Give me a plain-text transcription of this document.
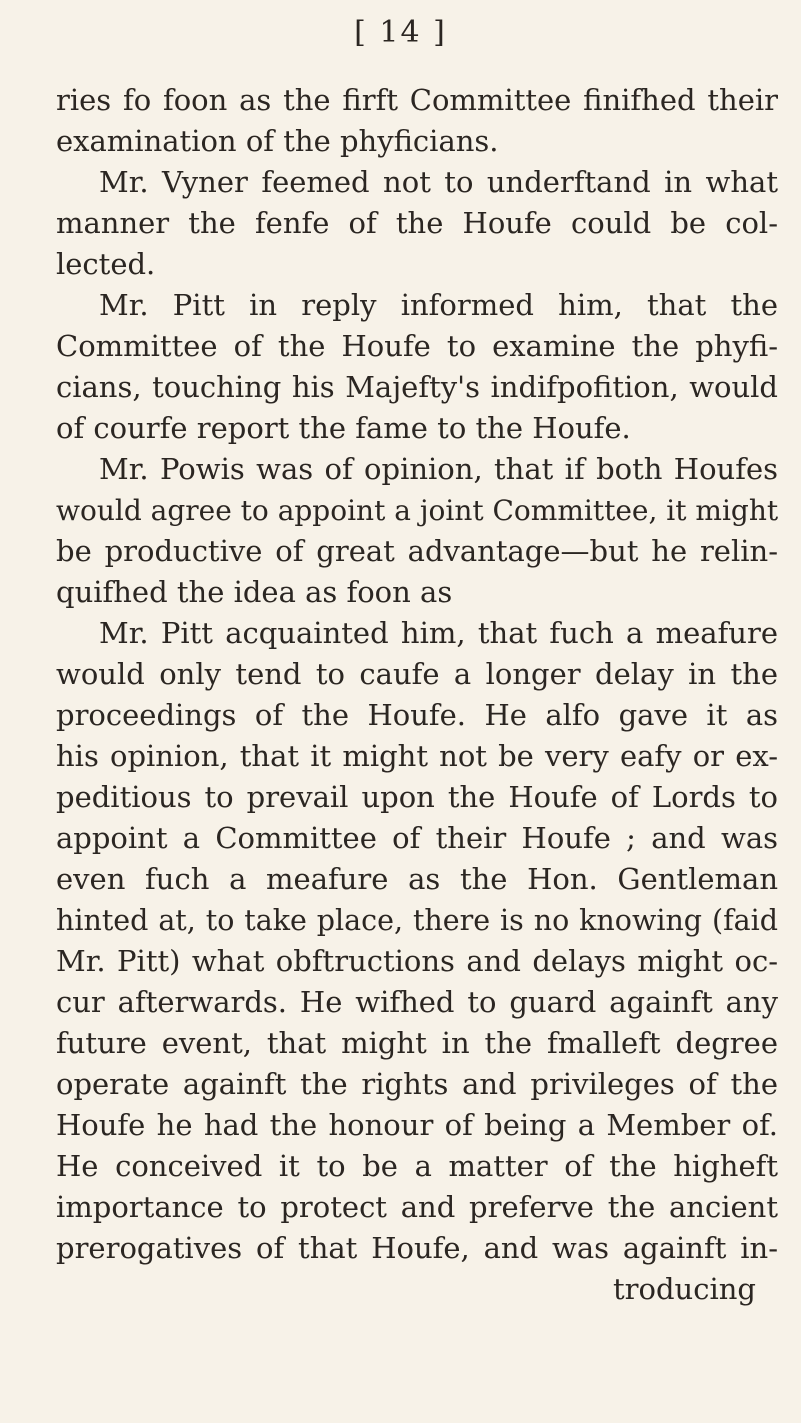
[ 14 ]
ries fo foon as the firft Committee finifhed their
examination of the phyficians.
Mr. Vyner feemed not to underftand in what
manner the fenfe of the Houfe could be col-
lected.
Mr. Pitt in reply informed him, that the
Committee of the Houfe to examine the phyfi-
cians, touching his Majefty's indifpofition, would
of courfe report the fame to the Houfe.
Mr. Powis was of opinion, that if both Houfes
would agree to appoint a joint Committee, it might
be productive of great advantage—but he relin-
quifhed the idea as foon as
Mr. Pitt acquainted him, that fuch a meafure
would only tend to caufe a longer delay in the
proceedings of the Houfe. He alfo gave it as
his opinion, that it might not be very eafy or ex-
peditious to prevail upon the Houfe of Lords to
appoint a Committee of their Houfe ; and was
even fuch a meafure as the Hon. Gentleman
hinted at, to take place, there is no knowing (faid
Mr. Pitt) what obftructions and delays might oc-
cur afterwards. He wifhed to guard againft any
future event, that might in the fmalleft degree
operate againft the rights and privileges of the
Houfe he had the honour of being a Member of.
He conceived it to be a matter of the higheft
importance to protect and preferve the ancient
prerogatives of that Houfe, and was againft in-
troducing
